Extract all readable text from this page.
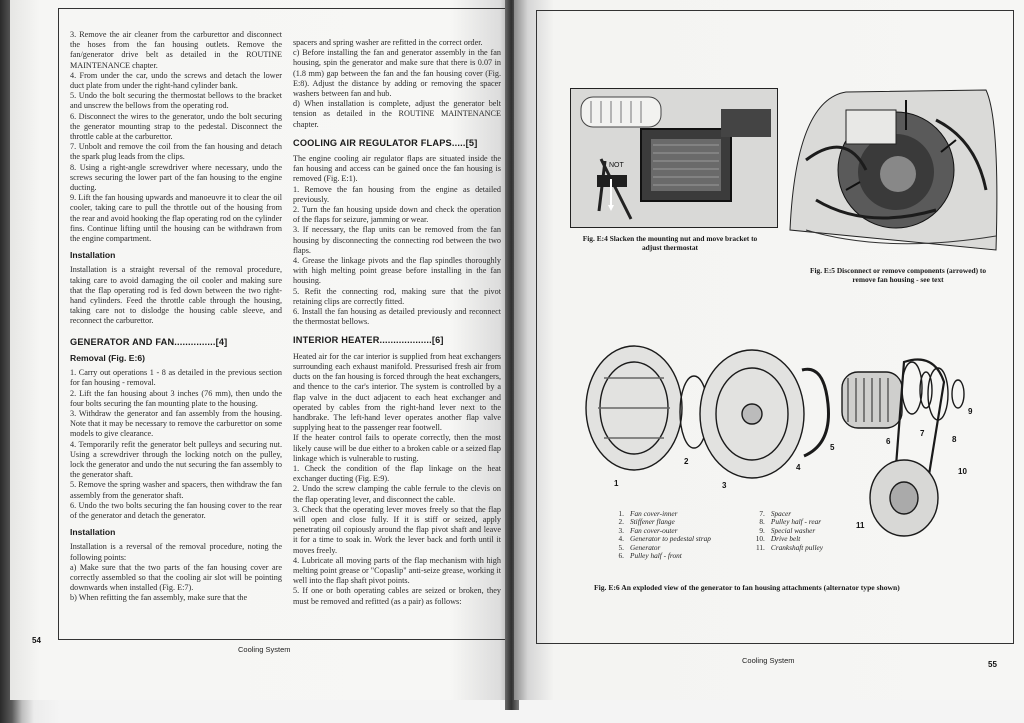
3. Remove the air cleaner from the carburettor and disconnect the hoses from the fan housing outlets. Remove the fan/generator drive belt as detailed in the ROUTINE MAINTENANCE chapter.

4. From under the car, undo the screws and detach the lower duct plate from under the right-hand cylinder bank.

5. Undo the bolt securing the thermostat bellows to the bracket and unscrew the bellows from the operating rod.

6. Disconnect the wires to the generator, undo the bolt securing the generator mounting strap to the pedestal. Disconnect the throttle cable at the carburettor.

7. Unbolt and remove the coil from the fan housing and detach the spark plug leads from the clips.

8. Using a right-angle screwdriver where necessary, undo the screws securing the lower part of the fan housing to the engine ducting.

9. Lift the fan housing upwards and manoeuvre it to clear the oil cooler, taking care to pull the throttle out of the housing from the rear and avoid hooking the flap operating rod on the cylinder fins. Continue lifting until the housing can be withdrawn from the engine compartment.

Installation

Installation is a straight reversal of the removal procedure, taking care to avoid damaging the oil cooler and making sure that the flap operating rod is fed down between the two right-hand cylinders. Feed the throttle cable through the housing, taking care not to dislodge the housing cable sleeve, and reconnect the carburettor.

GENERATOR AND FAN...............[4]
Removal (Fig. E:6)

1. Carry out operations 1 - 8 as detailed in the previous section for fan housing - removal.

2. Lift the fan housing about 3 inches (76 mm), then undo the four bolts securing the fan mounting plate to the housing.

3. Withdraw the generator and fan assembly from the housing. Note that it may be necessary to remove the carburettor on some models to give clearance.

4. Temporarily refit the generator belt pulleys and securing nut. Using a screwdriver through the locking notch on the pulley, lock the generator and undo the nut securing the fan assembly to the generator shaft.

5. Remove the spring washer and spacers, then withdraw the fan assembly from the generator shaft.

6. Undo the two bolts securing the fan housing cover to the rear of the generator and detach the generator.

Installation

Installation is a reversal of the removal procedure, noting the following points:

a) Make sure that the two parts of the fan housing cover are correctly assembled so that the cooling air slot will be pointing downwards when installed (Fig. E:7).

b) When refitting the fan assembly, make sure that the

spacers and spring washer are refitted in the correct order.

c) Before installing the fan and generator assembly in the fan housing, spin the generator and make sure that there is 0.07 in (1.8 mm) gap between the fan and the fan housing cover (Fig. E:8). Adjust the distance by adding or removing the spacer washers between fan and hub.

d) When installation is complete, adjust the generator belt tension as detailed in the ROUTINE MAINTENANCE chapter.

COOLING AIR REGULATOR FLAPS.....[5]

The engine cooling air regulator flaps are situated inside the fan housing and access can be gained once the fan housing is removed (Fig. E:1).

1. Remove the fan housing from the engine as detailed previously.

2. Turn the fan housing upside down and check the operation of the flaps for seizure, jamming or wear.

3. If necessary, the flap units can be removed from the fan housing by disconnecting the connecting rod between the two flaps.

4. Grease the linkage pivots and the flap spindles thoroughly with high melting point grease before installing in the fan housing.

5. Refit the connecting rod, making sure that the pivot retaining clips are correctly fitted.

6. Install the fan housing as detailed previously and reconnect the thermostat bellows.

INTERIOR HEATER...................[6]

Heated air for the car interior is supplied from heat exchangers surrounding each exhaust manifold. Pressurised fresh air from ducts on the fan housing is forced through the heat exchangers, and thence to the car's interior. The system is controlled by a flap valve in the duct adjacent to each heat exchanger and operated by cables from the right-hand lever next to the handbrake. The left-hand lever operates another flap valve supplying heat to the passenger rear footwell.

If the heater control fails to operate correctly, then the most likely cause will be due either to a broken cable or a seized flap linkage which is vulnerable to rusting.

1. Check the condition of the flap linkage on the heat exchanger ducting (Fig. E:9).

2. Undo the screw clamping the cable ferrule to the clevis on the flap operating lever, and disconnect the cable.

3. Check that the operating lever moves freely so that the flap will open and close fully. If it is stiff or seized, apply penetrating oil copiously around the flap pivot shaft and leave it for a time to soak in. Work the lever back and forth until it moves freely.

4. Lubricate all moving parts of the flap mechanism with high melting point grease or "Copaslip" anti-seize grease, working it well into the flap shaft pivot points.

5. If one or both operating cables are seized or broken, they must be removed and refitted (as a pair) as follows:

54
Cooling System
NOT
Fig. E:4 Slacken the mounting nut and move bracket to adjust thermostat
Fig. E:5 Disconnect or remove components (arrowed) to remove fan housing - see text
1
2
3
4
5
6
7
8
9
10
11
1. Fan cover-inner
2. Stiffener flange
3. Fan cover-outer
4. Generator to pedestal strap
5. Generator
6. Pulley half - front
7. Spacer
8. Pulley half - rear
9. Special washer
10. Drive belt
11. Crankshaft pulley
Fig. E:6 An exploded view of the generator to fan housing attachments (alternator type shown)
Cooling System	55
